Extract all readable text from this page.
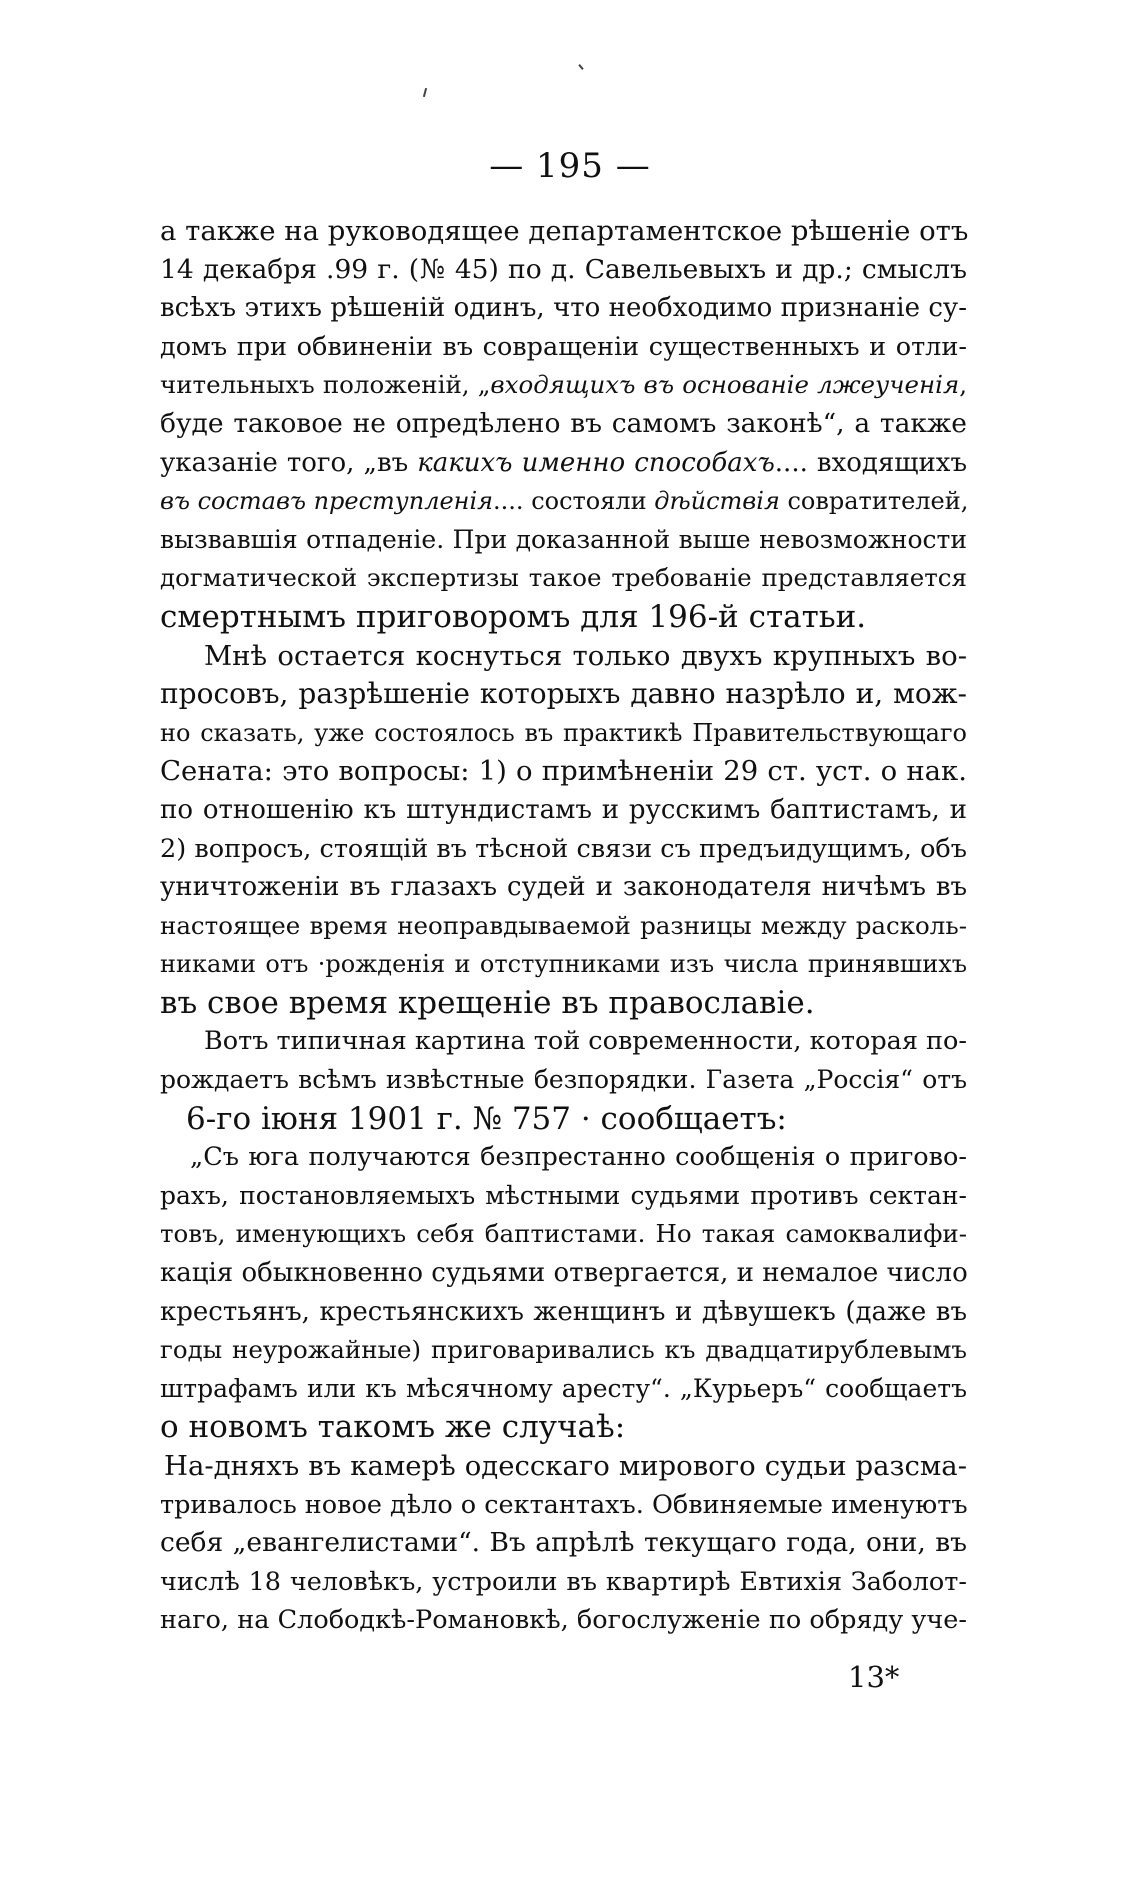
— 195 —
а также на руководящее департаментское рѣшеніе отъ
14 декабря .99 г. (№ 45) по д. Савельевыхъ и др.; смыслъ
всѣхъ этихъ рѣшеній одинъ, что необходимо признаніе су-
домъ при обвиненіи въ совращеніи существенныхъ и отли-
чительныхъ положеній, „входящихъ въ основаніе лжеученія,
буде таковое не опредѣлено въ самомъ законѣ“, а также
указаніе того, „въ какихъ именно способахъ.... входящихъ
въ составъ преступленія.... состояли дѣйствія совратителей,
вызвавшія отпаденіе. При доказанной выше невозможности
догматической экспертизы такое требованіе представляется
смертнымъ приговоромъ для 196-й статьи.
Мнѣ остается коснуться только двухъ крупныхъ во-
просовъ, разрѣшеніе которыхъ давно назрѣло и, мож-
но сказать, уже состоялось въ практикѣ Правительствующаго
Сената: это вопросы: 1) о примѣненіи 29 ст. уст. о нак.
по отношенію къ штундистамъ и русскимъ баптистамъ, и
2) вопросъ, стоящій въ тѣсной связи съ предъидущимъ, объ
уничтоженіи въ глазахъ судей и законодателя ничѣмъ въ
настоящее время неоправдываемой разницы между расколь-
никами отъ ·рожденія и отступниками изъ числа принявшихъ
въ свое время крещеніе въ православіе.
Вотъ типичная картина той современности, которая по-
рождаетъ всѣмъ извѣстные безпорядки. Газета „Россія“ отъ
6-го іюня 1901 г. № 757 · сообщаетъ:
„Съ юга получаются безпрестанно сообщенія о пригово-
рахъ, постановляемыхъ мѣстными судьями противъ сектан-
товъ, именующихъ себя баптистами. Но такая самоквалифи-
кація обыкновенно судьями отвергается, и немалое число
крестьянъ, крестьянскихъ женщинъ и дѣвушекъ (даже въ
годы неурожайные) приговаривались къ двадцатирублевымъ
штрафамъ или къ мѣсячному аресту“. „Курьеръ“ сообщаетъ
о новомъ такомъ же случаѣ:
На-дняхъ въ камерѣ одесскаго мирового судьи разсма-
тривалось новое дѣло о сектантахъ. Обвиняемые именуютъ
себя „евангелистами“. Въ апрѣлѣ текущаго года, они, въ
числѣ 18 человѣкъ, устроили въ квартирѣ Евтихія Заболот-
наго, на Слободкѣ-Романовкѣ, богослуженіе по обряду уче-
13*
